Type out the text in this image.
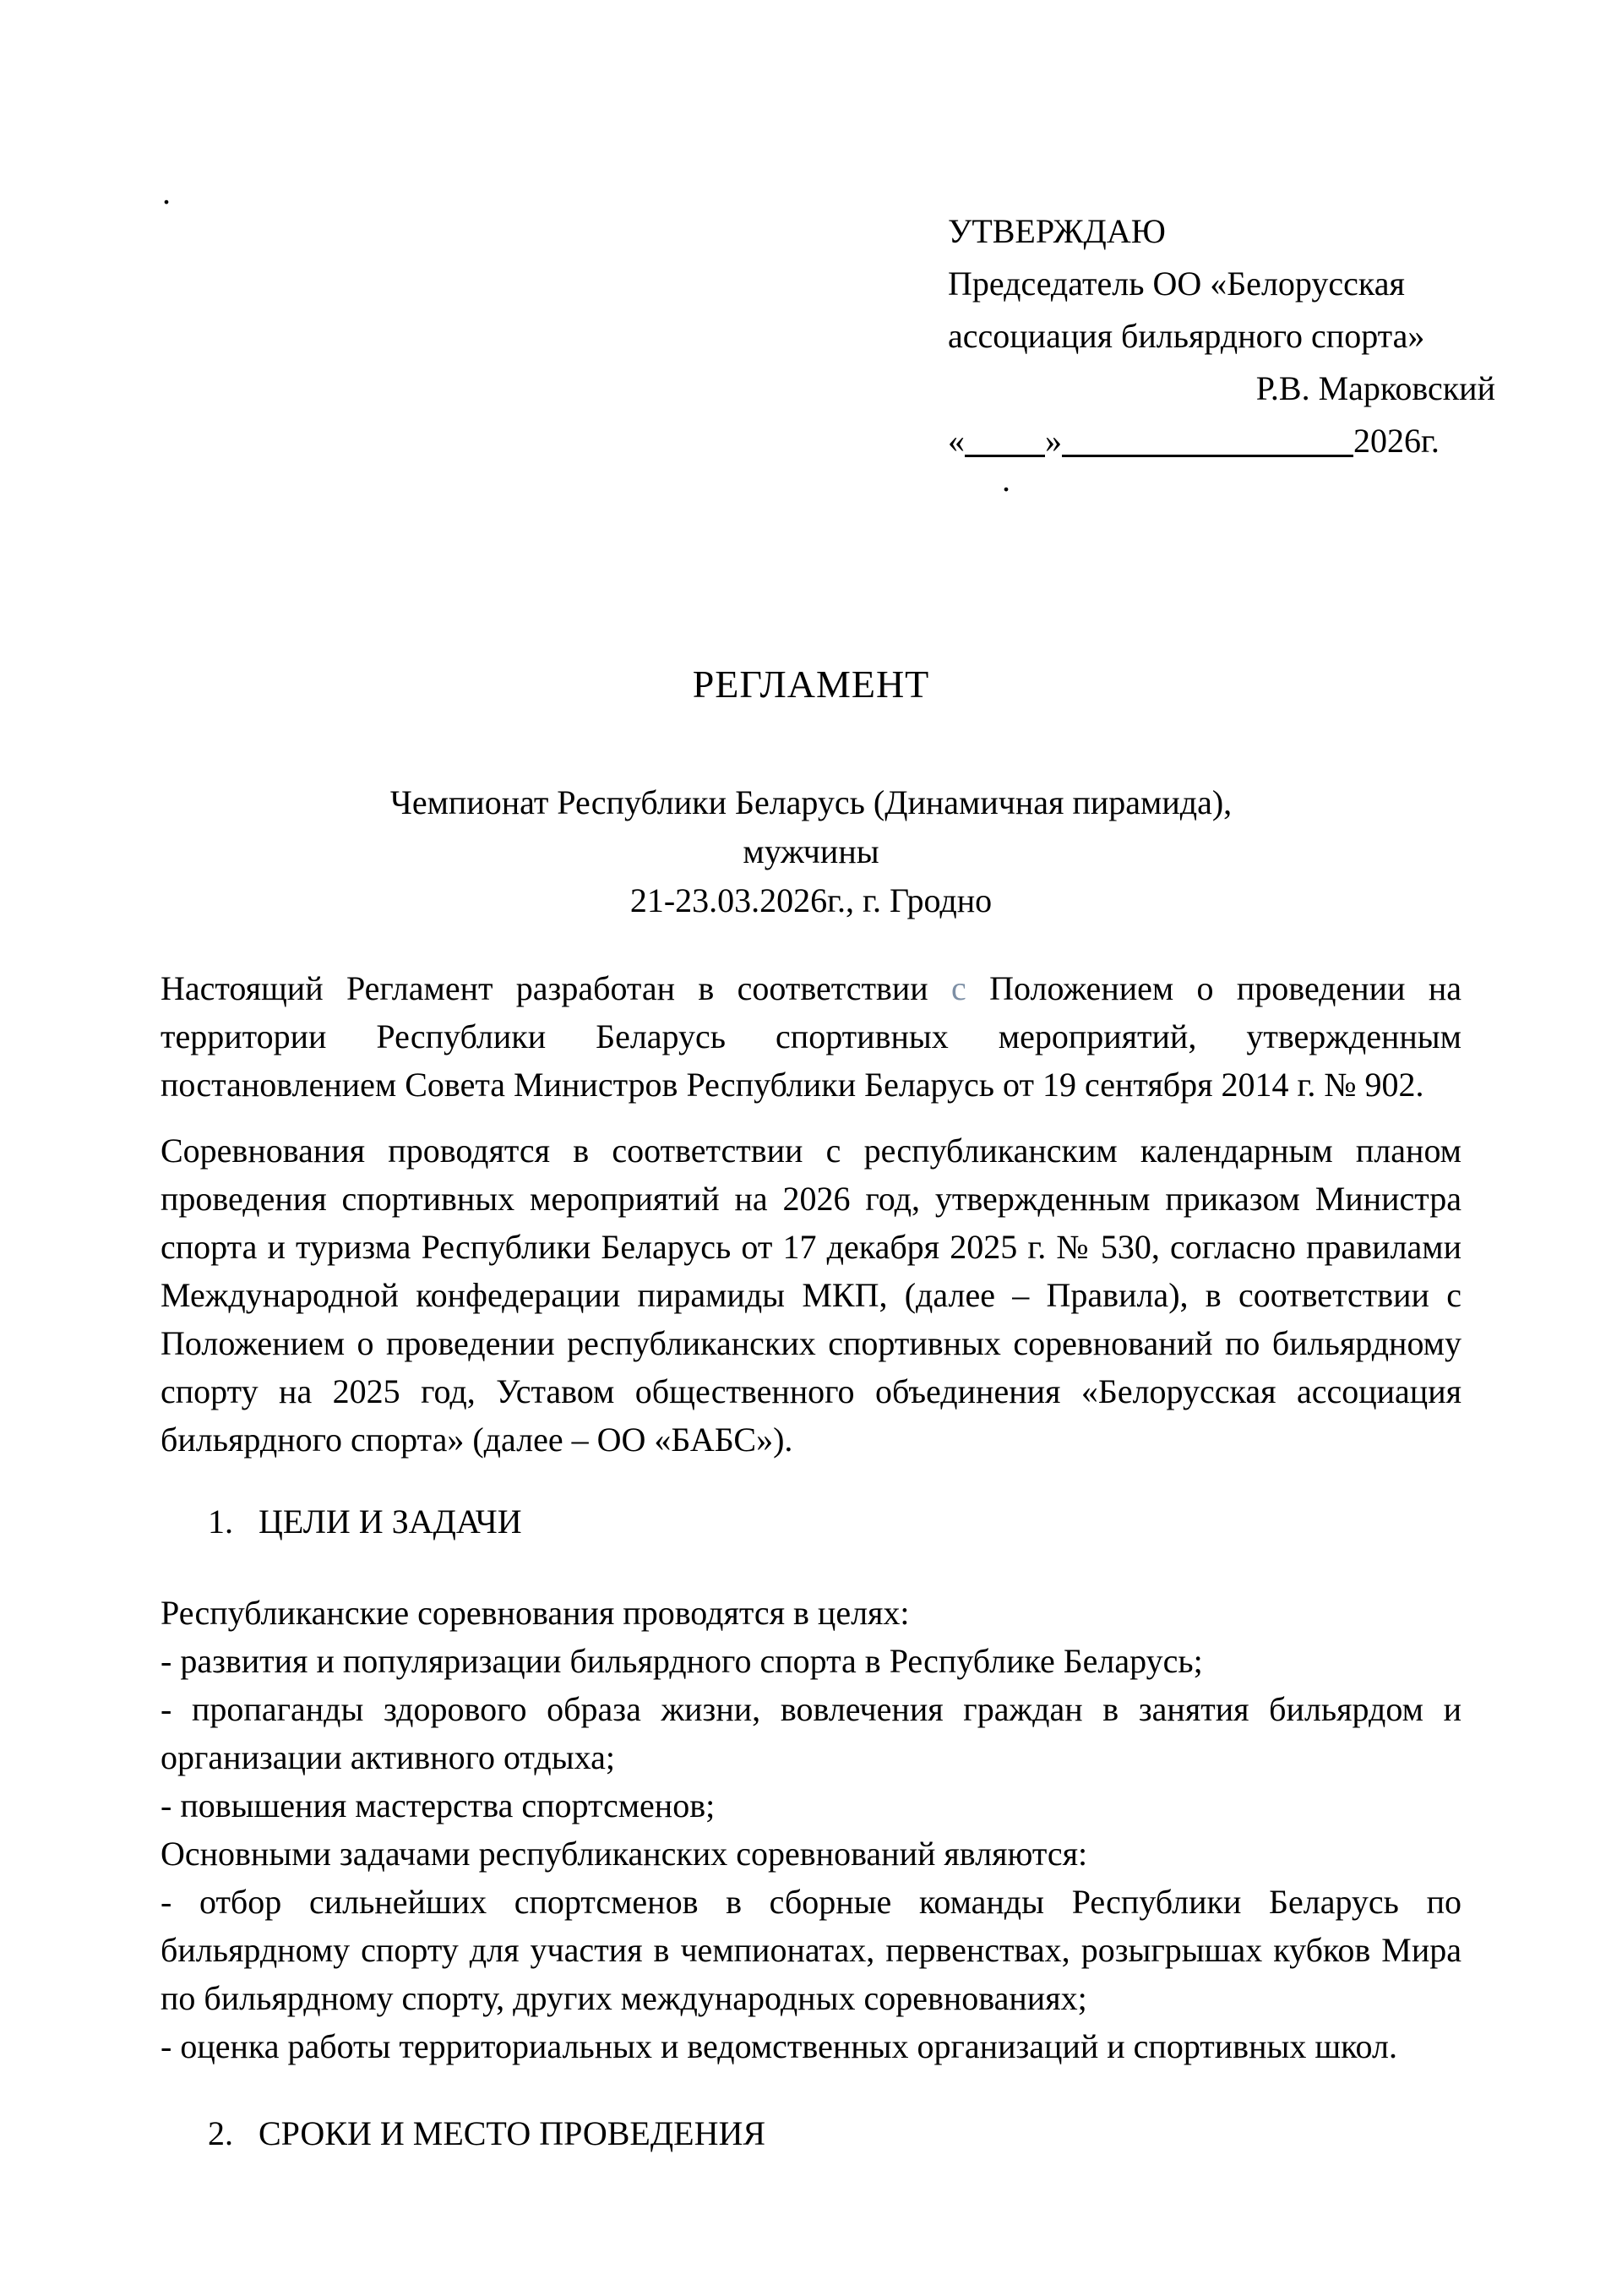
.
УТВЕРЖДАЮ
Председатель ОО «Белорусская
ассоциация бильярдного спорта»
Р.В. Марковский
« »	2026г.
.
РЕГЛАМЕНТ
Чемпионат Республики Беларусь (Динамичная пирамида),
мужчины
21-23.03.2026г., г. Гродно

Настоящий Регламент разработан в соответствии с Положением о проведении на территории Республики Беларусь спортивных мероприятий, утвержденным постановлением Совета Министров Республики Беларусь от 19 сентября 2014 г. № 902.

Соревнования проводятся в соответствии с республиканским календарным планом проведения спортивных мероприятий на 2026 год, утвержденным приказом Министра спорта и туризма Республики Беларусь от 17 декабря 2025 г. № 530, согласно правилами Международной конфедерации пирамиды МКП, (далее – Правила), в соответствии с Положением о проведении республиканских спортивных соревнований по бильярдному спорту на 2025 год, Уставом общественного объединения «Белорусская ассоциация бильярдного спорта» (далее – ОО «БАБС»).

1. ЦЕЛИ И ЗАДАЧИ

Республиканские соревнования проводятся в целях:

- развития и популяризации бильярдного спорта в Республике Беларусь;

- пропаганды здорового образа жизни, вовлечения граждан в занятия бильярдом и организации активного отдыха;

- повышения мастерства спортсменов;

Основными задачами республиканских соревнований являются:

- отбор сильнейших спортсменов в сборные команды Республики Беларусь по бильярдному спорту для участия в чемпионатах, первенствах, розыгрышах кубков Мира по бильярдному спорту, других международных соревнованиях;

- оценка работы территориальных и ведомственных организаций и спортивных школ.

2. СРОКИ И МЕСТО ПРОВЕДЕНИЯ
